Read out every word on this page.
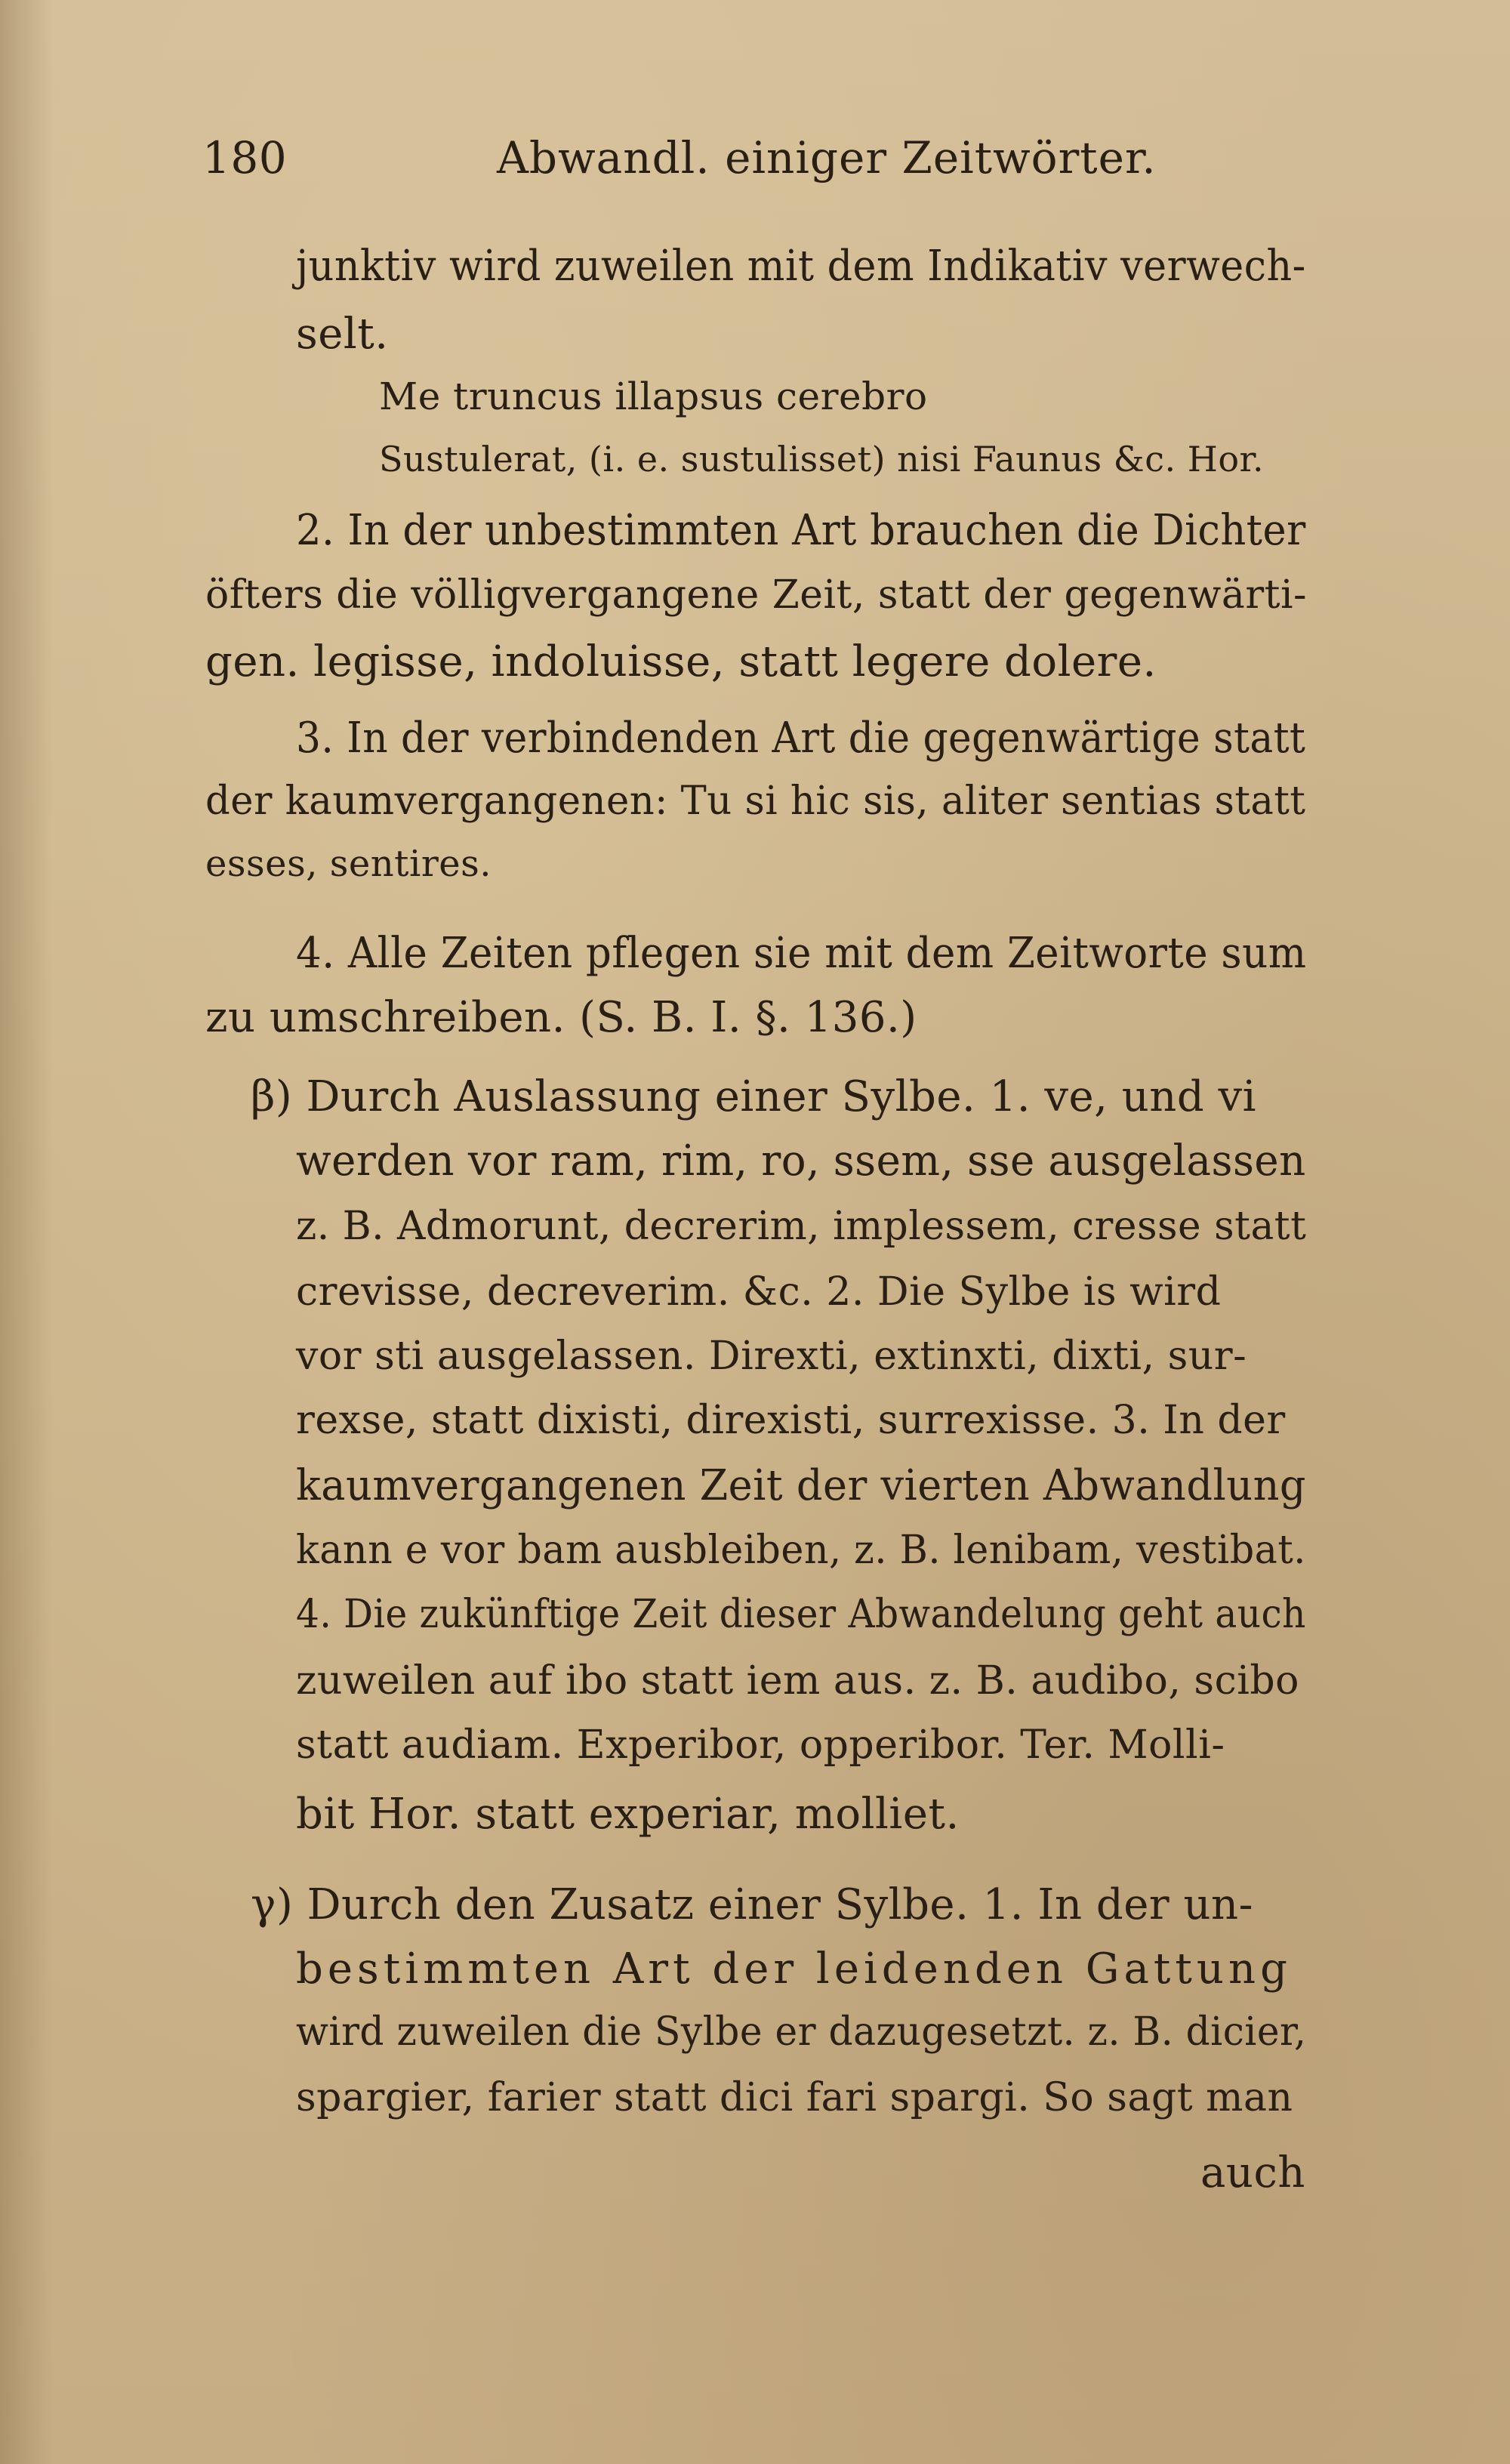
180	Abwandl. einiger Zeitwörter.
junktiv wird zuweilen mit dem Indikativ verwech-
selt.
Me truncus illapsus cerebro
Sustulerat, (i. e. sustulisset) nisi Faunus &c. Hor.
2. In der unbestimmten Art brauchen die Dichter
öfters die völligvergangene Zeit, statt der gegenwärti-
gen. legisse, indoluisse, statt legere dolere.
3. In der verbindenden Art die gegenwärtige statt
der kaumvergangenen: Tu si hic sis, aliter sentias statt
esses, sentires.
4. Alle Zeiten pflegen sie mit dem Zeitworte sum
zu umschreiben. (S. B. I. §. 136.)
β) Durch Auslassung einer Sylbe. 1. ve, und vi
werden vor ram, rim, ro, ssem, sse ausgelassen
z. B. Admorunt, decrerim, implessem, cresse statt
crevisse, decreverim. &c. 2. Die Sylbe is wird
vor sti ausgelassen. Direxti, extinxti, dixti, sur-
rexse, statt dixisti, direxisti, surrexisse. 3. In der
kaumvergangenen Zeit der vierten Abwandlung
kann e vor bam ausbleiben, z. B. lenibam, vestibat.
4. Die zukünftige Zeit dieser Abwandelung geht auch
zuweilen auf ibo statt iem aus. z. B. audibo, scibo
statt audiam. Experibor, opperibor. Ter. Molli-
bit Hor. statt experiar, molliet.
γ) Durch den Zusatz einer Sylbe. 1. In der un-
bestimmten Art der leidenden Gattung
wird zuweilen die Sylbe er dazugesetzt. z. B. dicier,
spargier, farier statt dici fari spargi. So sagt man
auch
